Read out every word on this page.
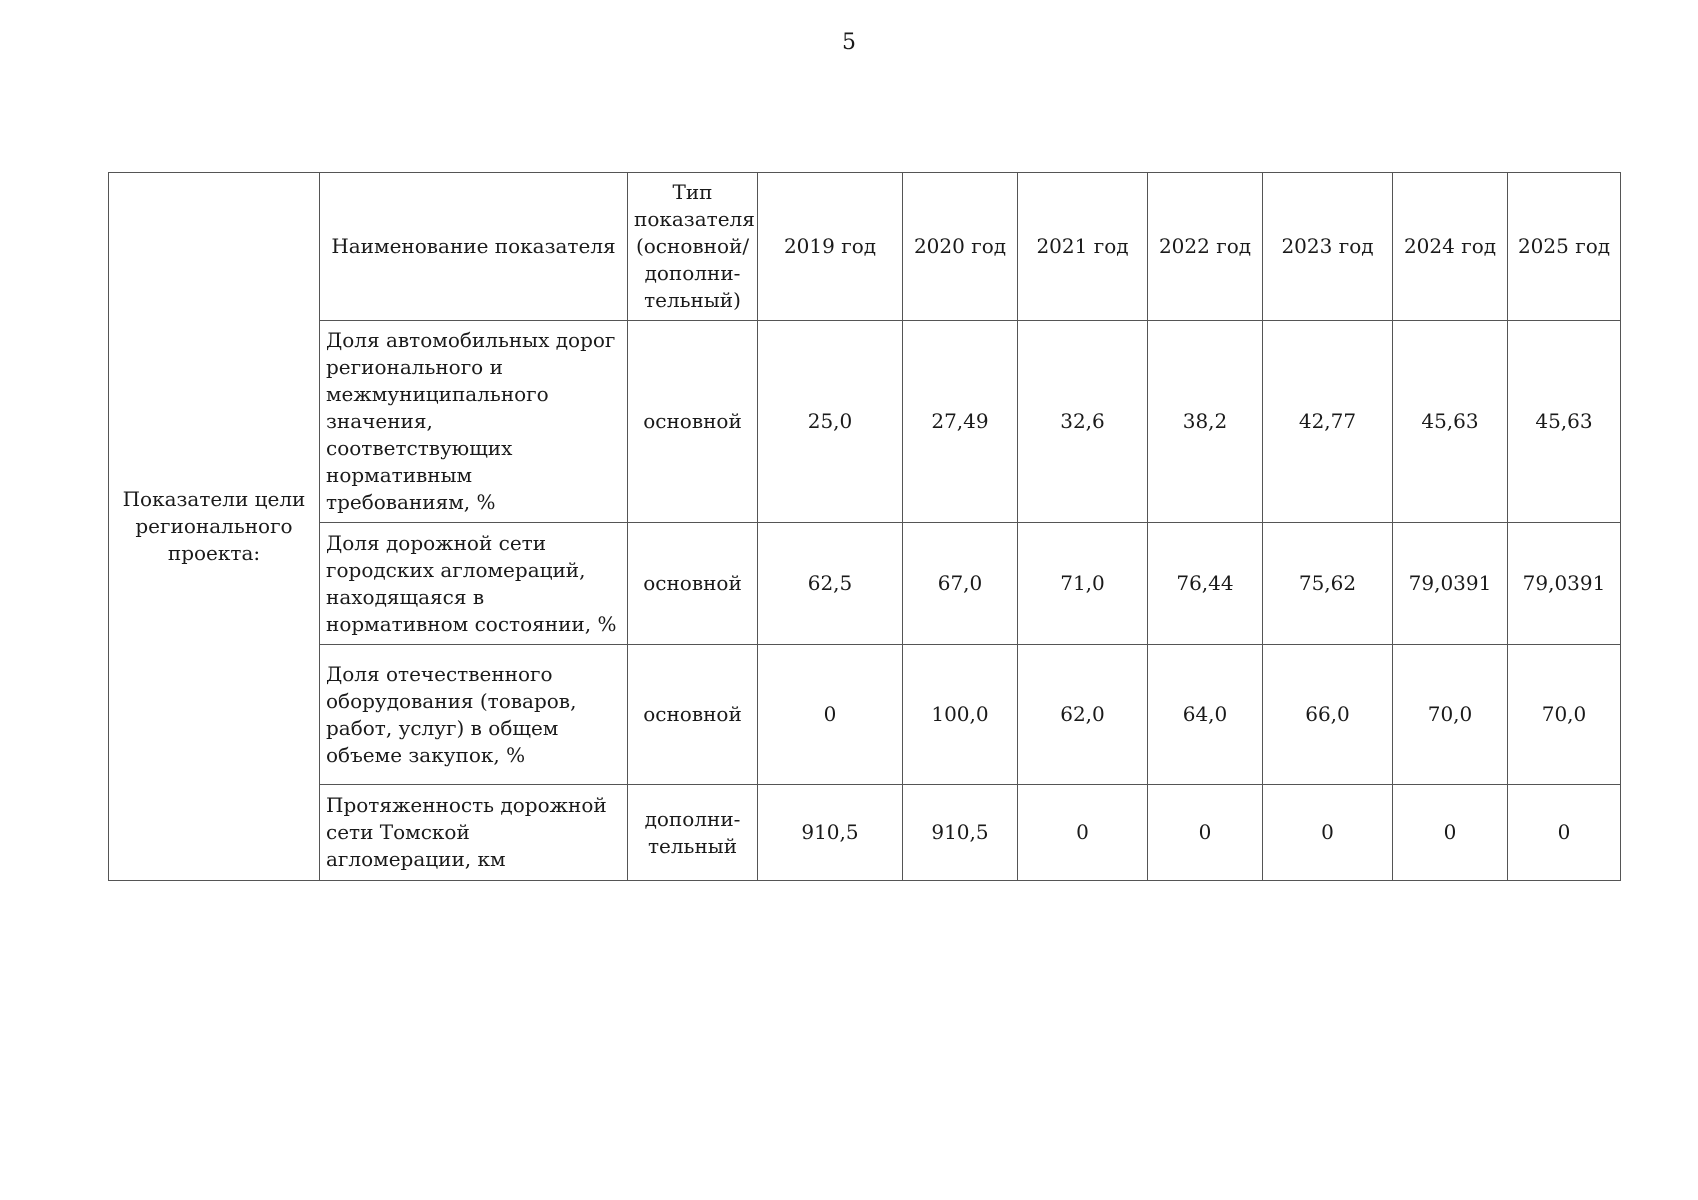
5
Показатели цели регионального проекта:	Наименование показателя	Тип показателя (основной/ дополни-тельный)	2019 год	2020 год	2021 год	2022 год	2023 год	2024 год	2025 год
	Доля автомобильных дорог регионального и межмуниципального значения, соответствующих нормативным требованиям, %	основной	25,0	27,49	32,6	38,2	42,77	45,63	45,63
	Доля дорожной сети городских агломераций, находящаяся в нормативном состоянии, %	основной	62,5	67,0	71,0	76,44	75,62	79,0391	79,0391
	Доля отечественного оборудования (товаров, работ, услуг) в общем объеме закупок, %	основной	0	100,0	62,0	64,0	66,0	70,0	70,0
	Протяженность дорожной сети Томской агломерации, км	дополни-тельный	910,5	910,5	0	0	0	0	0
